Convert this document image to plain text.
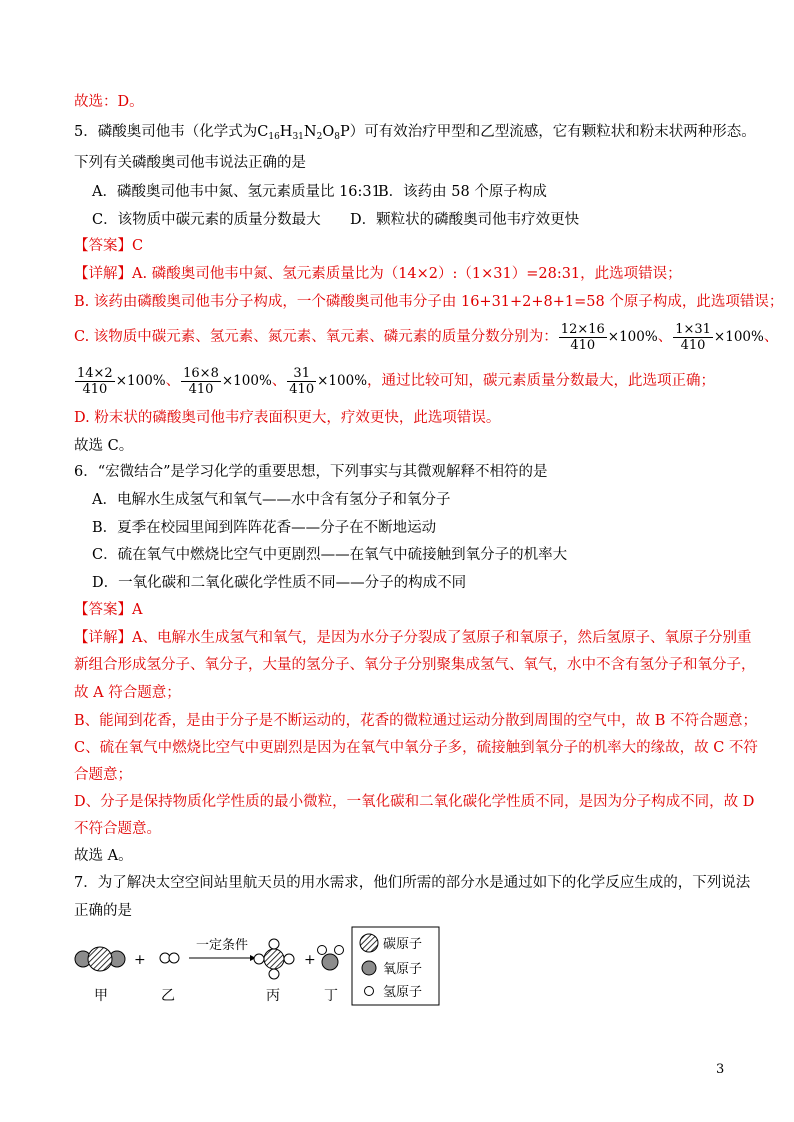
故选：D。
5．磷酸奥司他韦（化学式为$C_{16}H_{31}N_2O_8P$）可有效治疗甲型和乙型流感，它有颗粒状和粉末状两种形态。
下列有关磷酸奥司他韦说法正确的是
A．磷酸奥司他韦中氮、氢元素质量比 16:31
B．该药由 58 个原子构成
C．该物质中碳元素的质量分数最大 D．颗粒状的磷酸奥司他韦疗效更快
【答案】C
【详解】A. 磷酸奥司他韦中氮、氢元素质量比为（14×2）:（1×31）=28:31，此选项错误；
B. 该药由磷酸奥司他韦分子构成，一个磷酸奥司他韦分子由 16+31+2+8+1=58 个原子构成，此选项错误；
C. 该物质中碳元素、氢元素、氮元素、氧元素、磷元素的质量分数分别为： $\frac{12\times 16}{410} \times 100\%$、 $\frac{1\times 31}{410} \times 100\%$、
$\frac{14\times 2}{410} \times 100\%$、 $\frac{16\times 8}{410} \times 100\%$、 $\frac{31}{410} \times 100\%$，通过比较可知，碳元素质量分数最大，此选项正确；
D. 粉末状的磷酸奥司他韦疗表面积更大，疗效更快，此选项错误。
故选 C。
6．“宏微结合”是学习化学的重要思想，下列事实与其微观解释不相符的是
A．电解水生成氢气和氧气——水中含有氢分子和氧分子
B．夏季在校园里闻到阵阵花香——分子在不断地运动
C．硫在氧气中燃烧比空气中更剧烈——在氧气中硫接触到氧分子的机率大
D．一氧化碳和二氧化碳化学性质不同——分子的构成不同
【答案】A
【详解】A、电解水生成氢气和氧气，是因为水分子分裂成了氢原子和氧原子，然后氢原子、氧原子分别重
新组合形成氢分子、氧分子，大量的氢分子、氧分子分别聚集成氢气、氧气，水中不含有氢分子和氧分子，
故 A 符合题意；
B、能闻到花香，是由于分子是不断运动的，花香的微粒通过运动分散到周围的空气中，故 B 不符合题意；
C、硫在氧气中燃烧比空气中更剧烈是因为在氧气中氧分子多，硫接触到氧分子的机率大的缘故，故 C 不符
合题意；
D、分子是保持物质化学性质的最小微粒，一氧化碳和二氧化碳化学性质不同，是因为分子构成不同，故 D
不符合题意。
故选 A。
7．为了解决太空空间站里航天员的用水需求，他们所需的部分水是通过如下的化学反应生成的，下列说法
正确的是
+
一定条件
+
甲	乙	丙	丁
碳原子
氧原子
氢原子
3
